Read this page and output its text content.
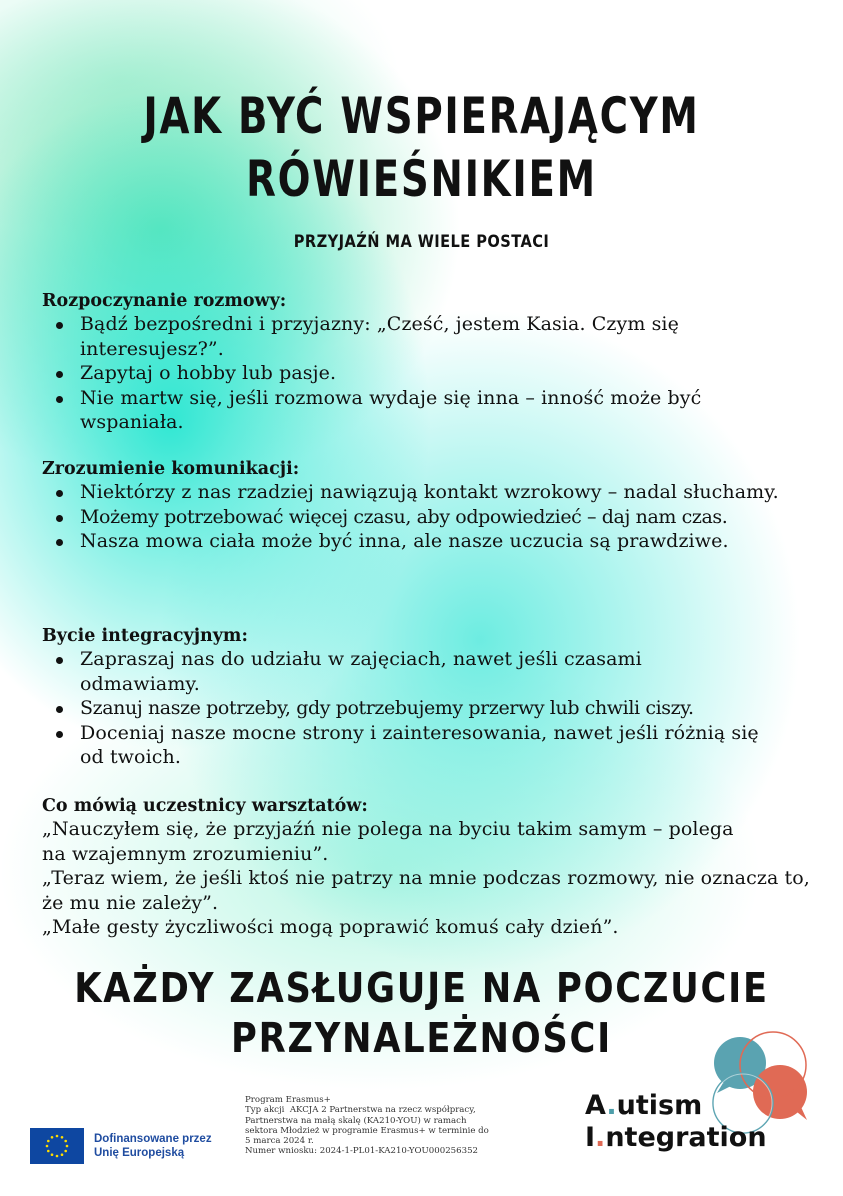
JAK BYĆ WSPIERAJĄCYM
RÓWIEŚNIKIEM
PRZYJAŹŃ MA WIELE POSTACI
Rozpoczynanie rozmowy:
Bądź bezpośredni i przyjazny: „Cześć, jestem Kasia. Czym się interesujesz?”.
Zapytaj o hobby lub pasje.
Nie martw się, jeśli rozmowa wydaje się inna – inność może być wspaniała.
Zrozumienie komunikacji:
Niektórzy z nas rzadziej nawiązują kontakt wzrokowy – nadal słuchamy.
Możemy potrzebować więcej czasu, aby odpowiedzieć – daj nam czas.
Nasza mowa ciała może być inna, ale nasze uczucia są prawdziwe.
Bycie integracyjnym:
Zapraszaj nas do udziału w zajęciach, nawet jeśli czasami odmawiamy.
Szanuj nasze potrzeby, gdy potrzebujemy przerwy lub chwili ciszy.
Doceniaj nasze mocne strony i zainteresowania, nawet jeśli różnią się od twoich.
Co mówią uczestnicy warsztatów:
„Nauczyłem się, że przyjaźń nie polega na byciu takim samym – polega na wzajemnym zrozumieniu”.
„Teraz wiem, że jeśli ktoś nie patrzy na mnie podczas rozmowy, nie oznacza to, że mu nie zależy”.
„Małe gesty życzliwości mogą poprawić komuś cały dzień”.
KAŻDY ZASŁUGUJE NA POCZUCIE
PRZYNALEŻNOŚCI
Dofinansowane przez
Unię Europejską
Program Erasmus+
Typ akcji  AKCJA 2 Partnerstwa na rzecz współpracy,
Partnerstwa na małą skalę (KA210-YOU) w ramach
sektora Młodzież w programie Erasmus+ w terminie do
5 marca 2024 r.
Numer wniosku: 2024-1-PL01-KA210-YOU000256352
A.utism
I.ntegration
